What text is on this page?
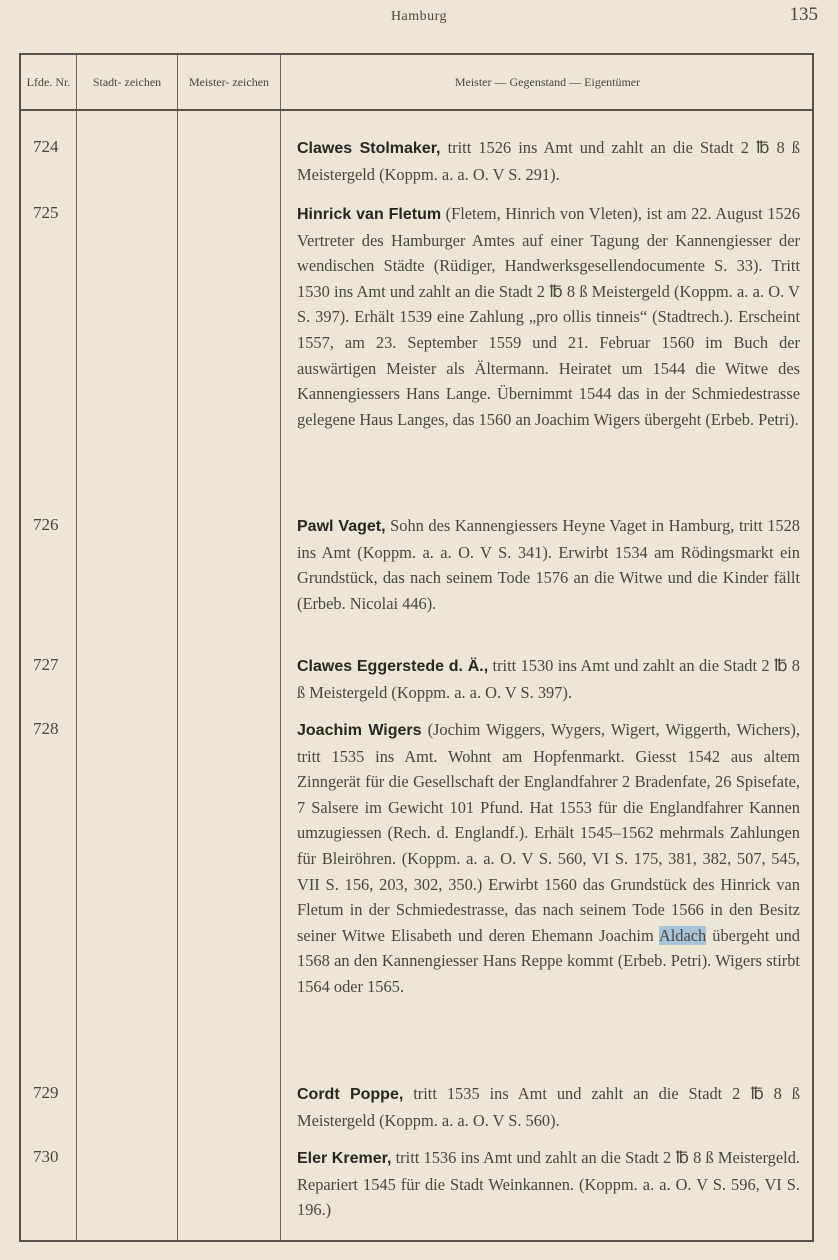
Hamburg	135
Lfde. Nr.	Stadt- zeichen	Meister- zeichen	Meister — Gegenstand — Eigentümer
724	Clawes Stolmaker, tritt 1526 ins Amt und zahlt an die Stadt 2 ℔ 8 ß Meistergeld (Koppm. a. a. O. V S. 291).
725	Hinrick van Fletum (Fletem, Hinrich von Vleten), ist am 22. August 1526 Vertreter des Hamburger Amtes auf einer Tagung der Kannengiesser der wendischen Städte (Rüdiger, Handwerksgesellendocumente S. 33). Tritt 1530 ins Amt und zahlt an die Stadt 2 ℔ 8 ß Meistergeld (Koppm. a. a. O. V S. 397). Erhält 1539 eine Zahlung „pro ollis tinneis“ (Stadtrech.). Erscheint 1557, am 23. September 1559 und 21. Februar 1560 im Buch der auswärtigen Meister als Ältermann. Heiratet um 1544 die Witwe des Kannengiessers Hans Lange. Übernimmt 1544 das in der Schmiedestrasse gelegene Haus Langes, das 1560 an Joachim Wigers übergeht (Erbeb. Petri).
726	Pawl Vaget, Sohn des Kannengiessers Heyne Vaget in Hamburg, tritt 1528 ins Amt (Koppm. a. a. O. V S. 341). Erwirbt 1534 am Rödingsmarkt ein Grundstück, das nach seinem Tode 1576 an die Witwe und die Kinder fällt (Erbeb. Nicolai 446).
727	Clawes Eggerstede d. Ä., tritt 1530 ins Amt und zahlt an die Stadt 2 ℔ 8 ß Meistergeld (Koppm. a. a. O. V S. 397).
728	Joachim Wigers (Jochim Wiggers, Wygers, Wigert, Wiggerth, Wichers), tritt 1535 ins Amt. Wohnt am Hopfenmarkt. Giesst 1542 aus altem Zinngerät für die Gesellschaft der Englandfahrer 2 Bradenfate, 26 Spisefate, 7 Salsere im Gewicht 101 Pfund. Hat 1553 für die Englandfahrer Kannen umzugiessen (Rech. d. Englandf.). Erhält 1545–1562 mehrmals Zahlungen für Bleiröhren. (Koppm. a. a. O. V S. 560, VI S. 175, 381, 382, 507, 545, VII S. 156, 203, 302, 350.) Erwirbt 1560 das Grundstück des Hinrick van Fletum in der Schmiedestrasse, das nach seinem Tode 1566 in den Besitz seiner Witwe Elisabeth und deren Ehemann Joachim Aldach übergeht und 1568 an den Kannengiesser Hans Reppe kommt (Erbeb. Petri). Wigers stirbt 1564 oder 1565.
729	Cordt Poppe, tritt 1535 ins Amt und zahlt an die Stadt 2 ℔ 8 ß Meistergeld (Koppm. a. a. O. V S. 560).
730	Eler Kremer, tritt 1536 ins Amt und zahlt an die Stadt 2 ℔ 8 ß Meistergeld. Repariert 1545 für die Stadt Weinkannen. (Koppm. a. a. O. V S. 596, VI S. 196.)
